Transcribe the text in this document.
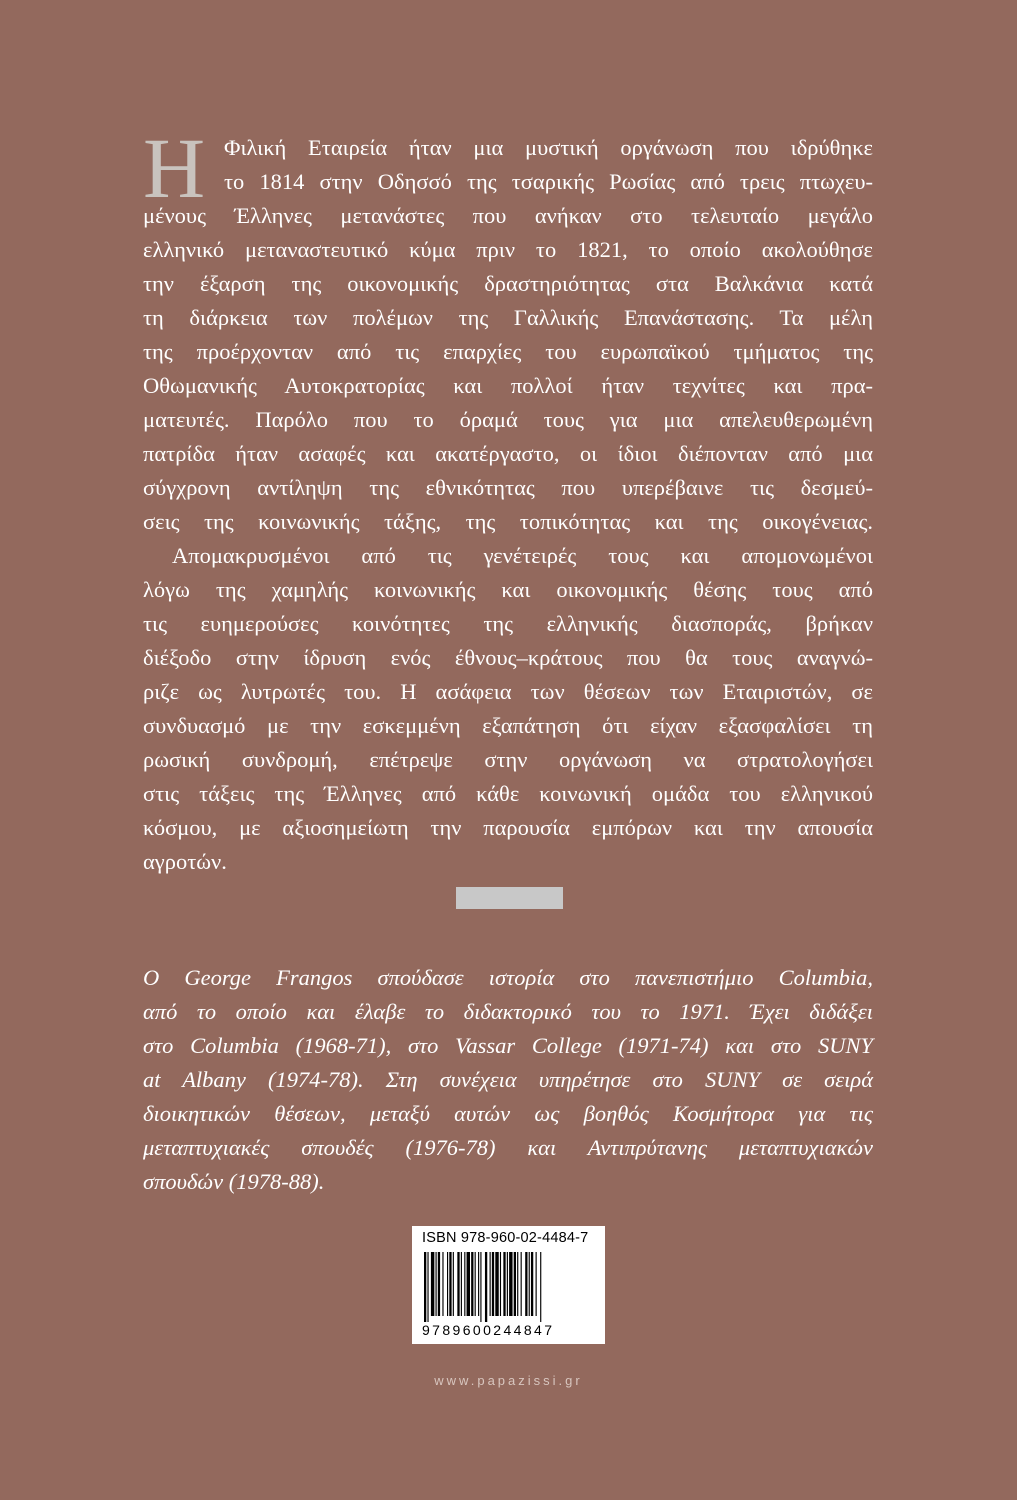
Η Φιλική Εταιρεία ήταν μια μυστική οργάνωση που ιδρύθηκε
το 1814 στην Οδησσό της τσαρικής Ρωσίας από τρεις πτωχευ-
μένους Έλληνες μετανάστες που ανήκαν στο τελευταίο μεγάλο
ελληνικό μεταναστευτικό κύμα πριν το 1821, το οποίο ακολούθησε
την έξαρση της οικονομικής δραστηριότητας στα Βαλκάνια κατά
τη διάρκεια των πολέμων της Γαλλικής Επανάστασης. Τα μέλη
της προέρχονταν από τις επαρχίες του ευρωπαϊκού τμήματος της
Οθωμανικής Αυτοκρατορίας και πολλοί ήταν τεχνίτες και πρα-
ματευτές. Παρόλο που το όραμά τους για μια απελευθερωμένη
πατρίδα ήταν ασαφές και ακατέργαστο, οι ίδιοι διέπονταν από μια
σύγχρονη αντίληψη της εθνικότητας που υπερέβαινε τις δεσμεύ-
σεις της κοινωνικής τάξης, της τοπικότητας και της οικογένειας.
Απομακρυσμένοι από τις γενέτειρές τους και απομονωμένοι
λόγω της χαμηλής κοινωνικής και οικονομικής θέσης τους από
τις ευημερούσες κοινότητες της ελληνικής διασποράς, βρήκαν
διέξοδο στην ίδρυση ενός έθνους–κράτους που θα τους αναγνώ-
ριζε ως λυτρωτές του. Η ασάφεια των θέσεων των Εταιριστών, σε
συνδυασμό με την εσκεμμένη εξαπάτηση ότι είχαν εξασφαλίσει τη
ρωσική συνδρομή, επέτρεψε στην οργάνωση να στρατολογήσει
στις τάξεις της Έλληνες από κάθε κοινωνική ομάδα του ελληνικού
κόσμου, με αξιοσημείωτη την παρουσία εμπόρων και την απουσία
αγροτών.
Ο George Frangos σπούδασε ιστορία στο πανεπιστήμιο Columbia,
από το οποίο και έλαβε το διδακτορικό του το 1971. Έχει διδάξει
στο Columbia (1968-71), στο Vassar College (1971-74) και στο SUNY
at Albany (1974-78). Στη συνέχεια υπηρέτησε στο SUNY σε σειρά
διοικητικών θέσεων, μεταξύ αυτών ως βοηθός Κοσμήτορα για τις
μεταπτυχιακές σπουδές (1976-78) και Αντιπρύτανης μεταπτυχιακών
σπουδών (1978-88).
ISBN 978-960-02-4484-7
9789600244847
www.papazissi.gr
